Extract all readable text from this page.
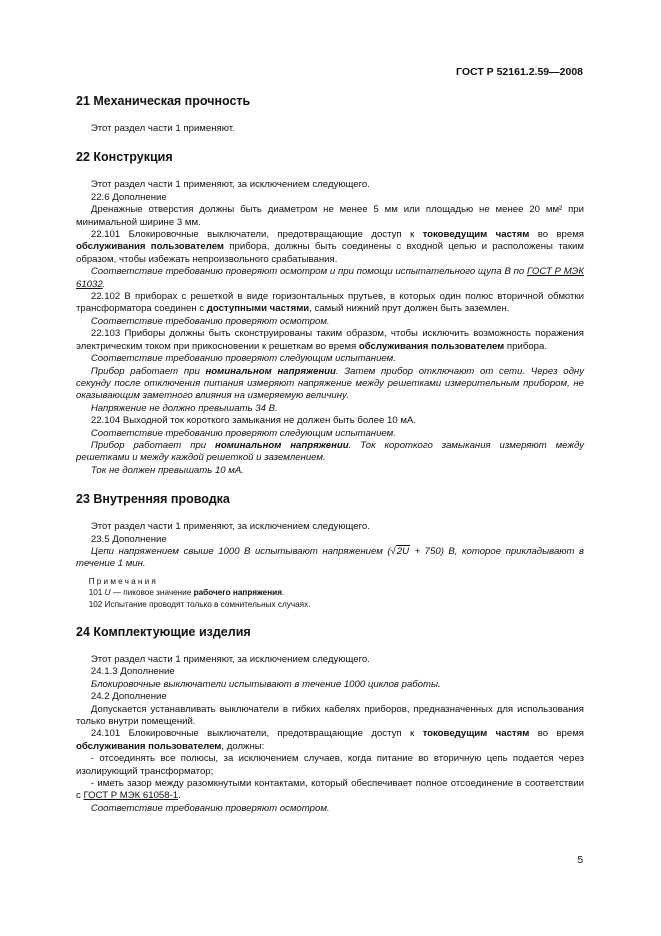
ГОСТ Р 52161.2.59—2008
21 Механическая прочность

Этот раздел части 1 применяют.

22 Конструкция

Этот раздел части 1 применяют, за исключением следующего.

22.6 Дополнение

Дренажные отверстия должны быть диаметром не менее 5 мм или площадью не менее 20 мм² при минимальной ширине 3 мм.

22.101 Блокировочные выключатели, предотвращающие доступ к токоведущим частям во время обслуживания пользователем прибора, должны быть соединены с входной цепью и расположены таким образом, чтобы избежать непроизвольного срабатывания.

Соответствие требованию проверяют осмотром и при помощи испытательного щупа В по ГОСТ Р МЭК 61032.

22.102 В приборах с решеткой в виде горизонтальных прутьев, в которых один полюс вторичной обмотки трансформатора соединен с доступными частями, самый нижний прут должен быть заземлен.

Соответствие требованию проверяют осмотром.

22.103 Приборы должны быть сконструированы таким образом, чтобы исключить возможность поражения электрическим током при прикосновении к решеткам во время обслуживания пользователем прибора.

Соответствие требованию проверяют следующим испытанием.

Прибор работает при номинальном напряжении. Затем прибор отключают от сети. Через одну секунду после отключения питания измеряют напряжение между решетками измерительным прибором, не оказывающим заметного влияния на измеряемую величину.

Напряжение не должно превышать 34 В.

22.104 Выходной ток короткого замыкания не должен быть более 10 мА.

Соответствие требованию проверяют следующим испытанием.

Прибор работает при номинальном напряжении. Ток короткого замыкания измеряют между решетками и между каждой решеткой и заземлением.

Ток не должен превышать 10 мА.

23 Внутренняя проводка

Этот раздел части 1 применяют, за исключением следующего.

23.5 Дополнение

Цепи напряжением свыше 1000 В испытывают напряжением (√2U + 750) В, которое прикладывают в течение 1 мин.

Примечания

101 U — пиковое значение рабочего напряжения.

102 Испытание проводят только в сомнительных случаях.

24 Комплектующие изделия

Этот раздел части 1 применяют, за исключением следующего.

24.1.3 Дополнение

Блокировочные выключатели испытывают в течение 1000 циклов работы.

24.2 Дополнение

Допускается устанавливать выключатели в гибких кабелях приборов, предназначенных для использования только внутри помещений.

24.101 Блокировочные выключатели, предотвращающие доступ к токоведущим частям во время обслуживания пользователем, должны:

- отсоединять все полюсы, за исключением случаев, когда питание во вторичную цепь подается через изолирующий трансформатор;

- иметь зазор между разомкнутыми контактами, который обеспечивает полное отсоединение в соответствии с ГОСТ Р МЭК 61058-1.

Соответствие требованию проверяют осмотром.

5
